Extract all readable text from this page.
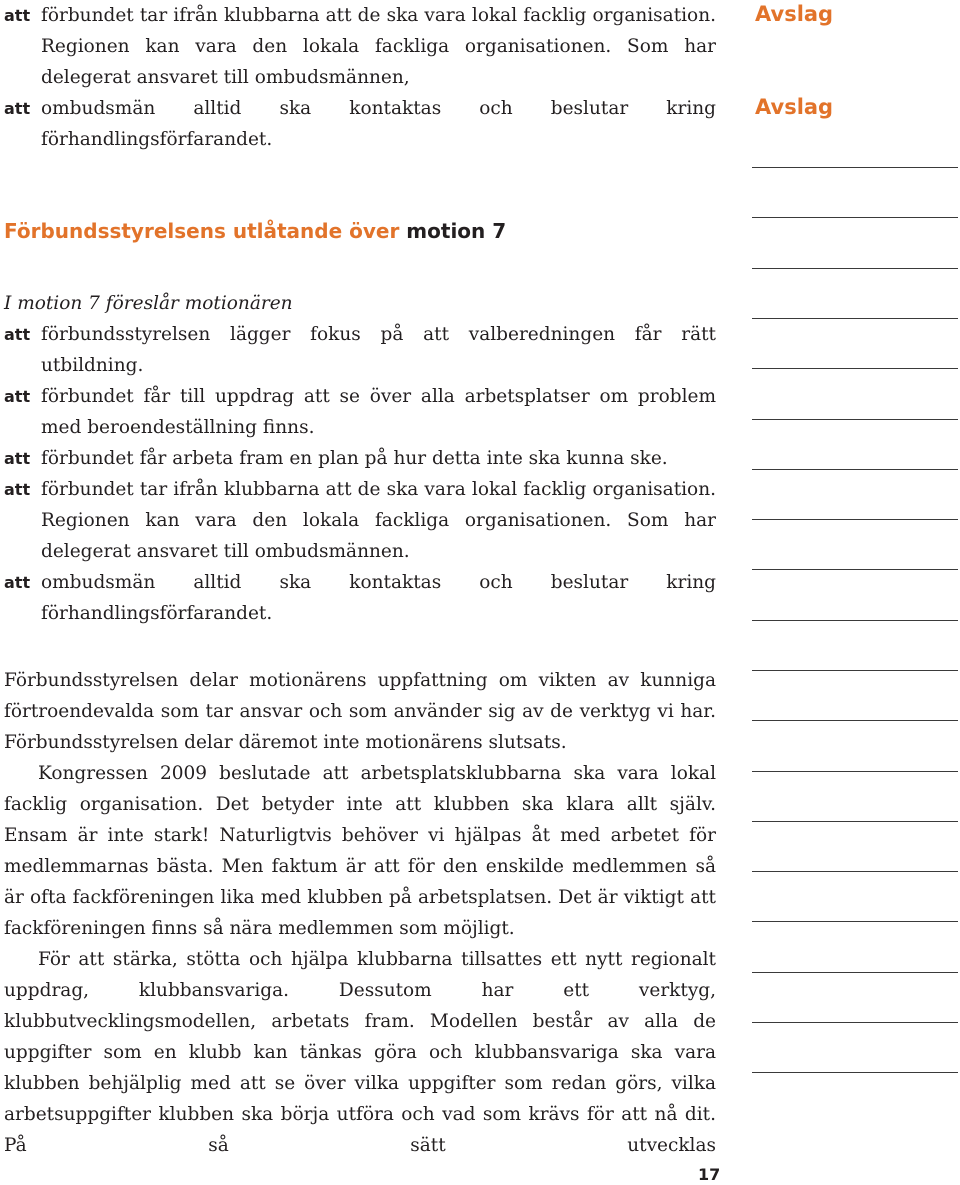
att förbundet tar ifrån klubbarna att de ska vara lokal facklig organisation. Regionen kan vara den lokala fackliga organisationen. Som har delegerat ansvaret till ombudsmännen,
att ombudsmän alltid ska kontaktas och beslutar kring förhandlingsförfarandet.
Avslag
Avslag
Förbundsstyrelsens utlåtande över motion 7
I motion 7 föreslår motionären
att förbundsstyrelsen lägger fokus på att valberedningen får rätt utbildning.
att förbundet får till uppdrag att se över alla arbetsplatser om problem med beroendeställning finns.
att förbundet får arbeta fram en plan på hur detta inte ska kunna ske.
att förbundet tar ifrån klubbarna att de ska vara lokal facklig organisation. Regionen kan vara den lokala fackliga organisationen. Som har delegerat ansvaret till ombudsmännen.
att ombudsmän alltid ska kontaktas och beslutar kring förhandlingsförfarandet.

Förbundsstyrelsen delar motionärens uppfattning om vikten av kunniga förtroendevalda som tar ansvar och som använder sig av de verktyg vi har. Förbundsstyrelsen delar däremot inte motionärens slutsats.

Kongressen 2009 beslutade att arbetsplatsklubbarna ska vara lokal facklig organisation. Det betyder inte att klubben ska klara allt själv. Ensam är inte stark! Naturligtvis behöver vi hjälpas åt med arbetet för medlemmarnas bästa. Men faktum är att för den enskilde medlemmen så är ofta fackföreningen lika med klubben på arbetsplatsen. Det är viktigt att fackföreningen finns så nära medlemmen som möjligt.

För att stärka, stötta och hjälpa klubbarna tillsattes ett nytt regionalt uppdrag, klubbansvariga. Dessutom har ett verktyg, klubbutvecklingsmodellen, arbetats fram. Modellen består av alla de uppgifter som en klubb kan tänkas göra och klubbansvariga ska vara klubben behjälplig med att se över vilka uppgifter som redan görs, vilka arbetsuppgifter klubben ska börja utföra och vad som krävs för att nå dit. På så sätt utvecklas

17
